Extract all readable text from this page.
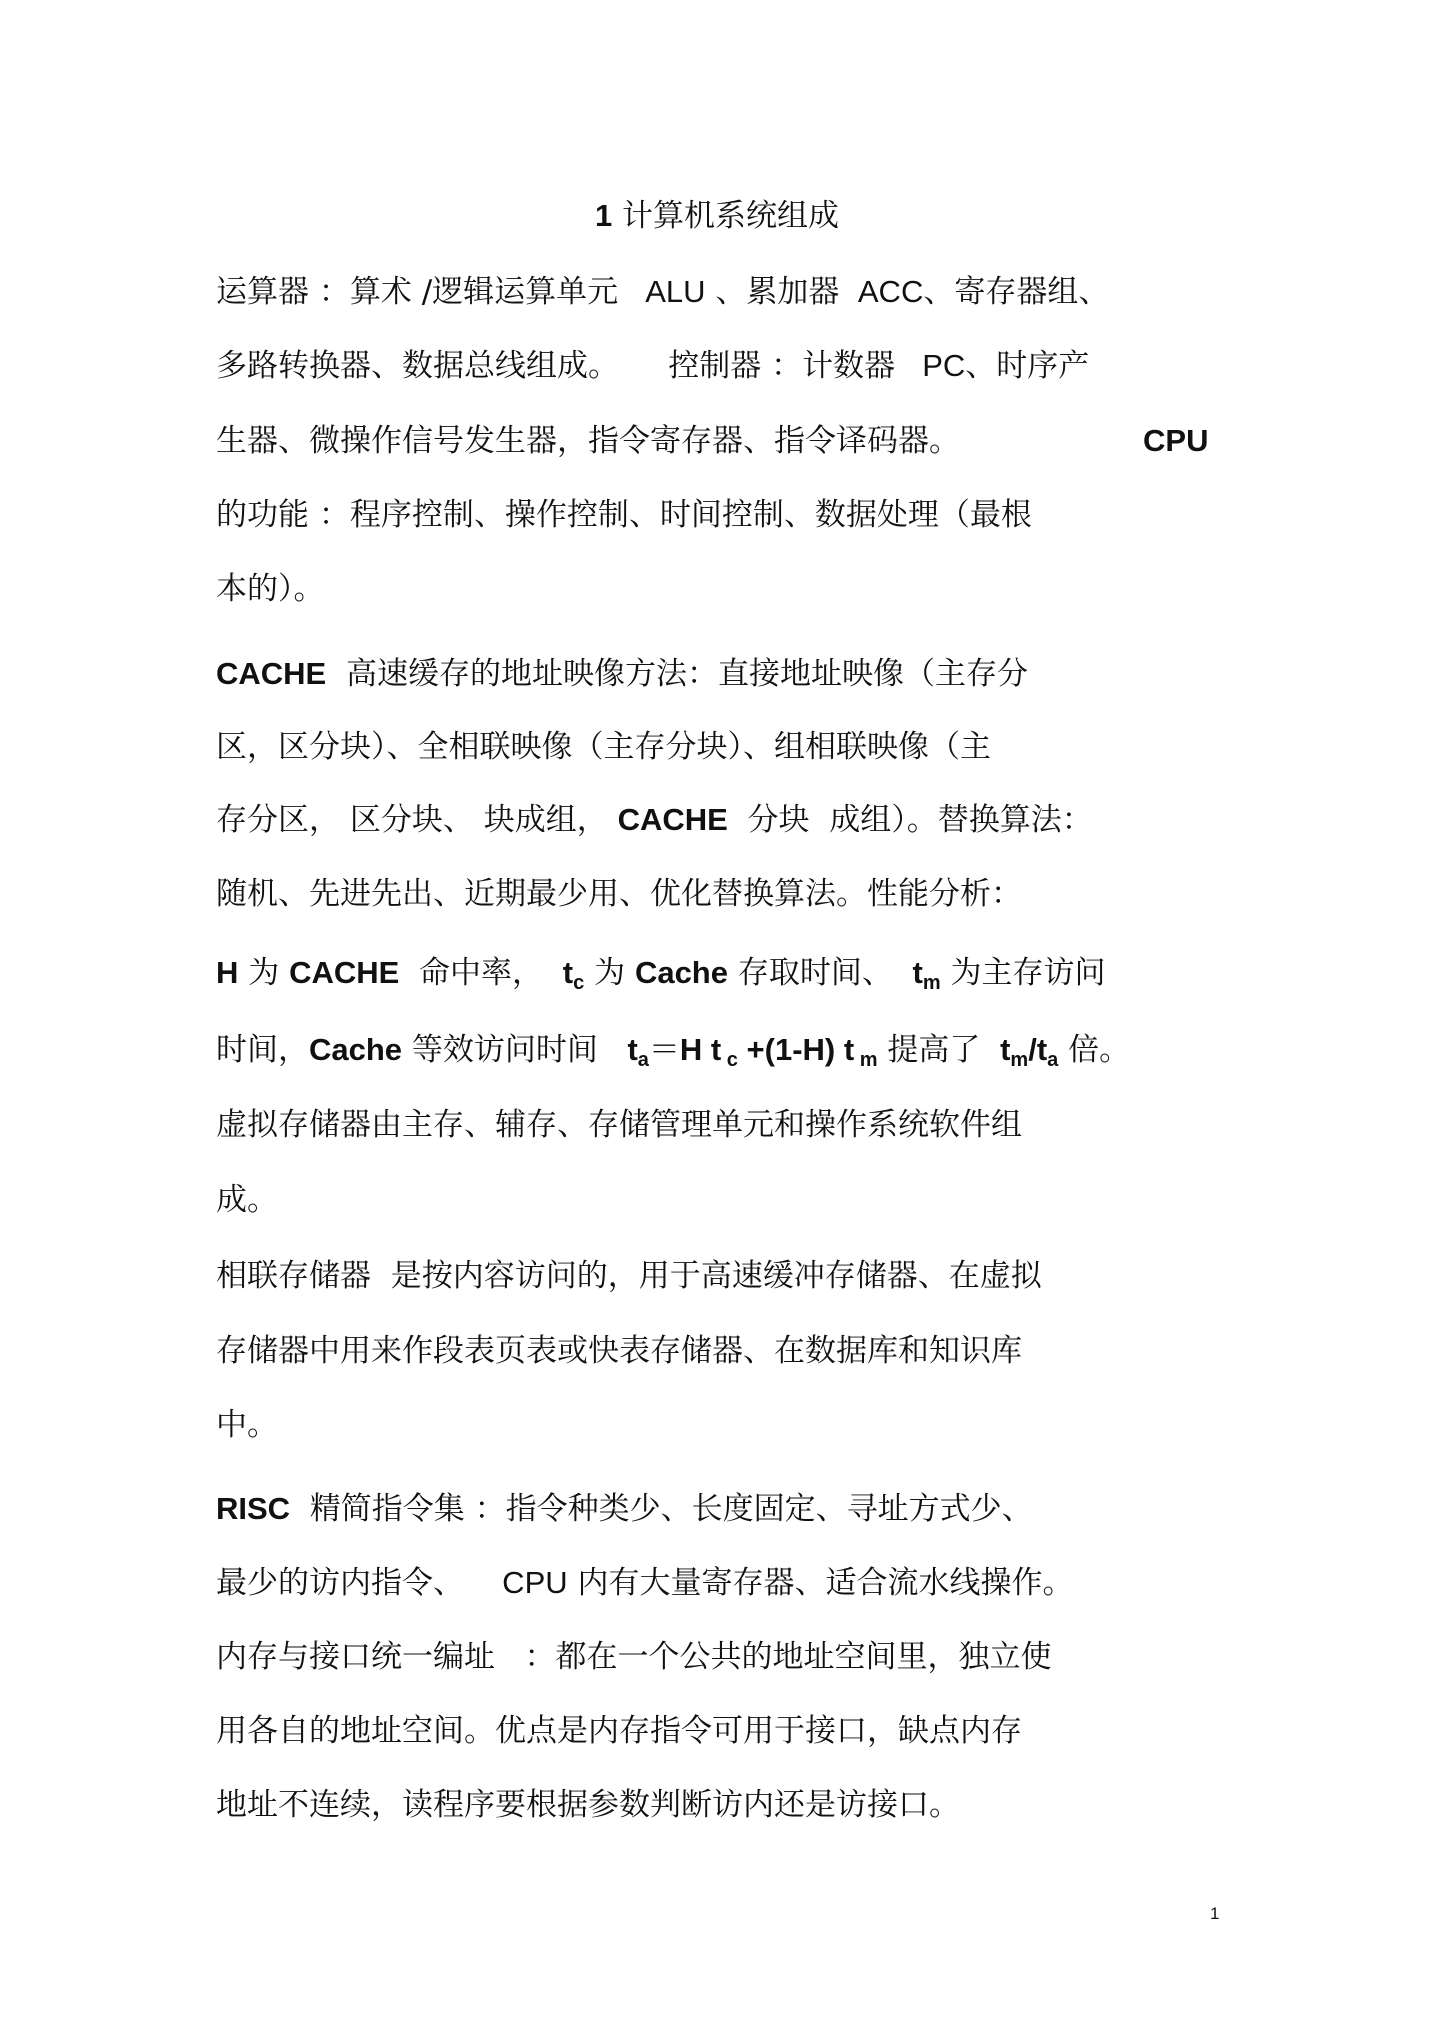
1 计算机系统组成
运算器 ：算术 /逻辑运算单元   ALU 、累加器  ACC、寄存器组、
多路转换器、数据总线组成。     控制器 ：计数器   PC、时序产
生器、微操作信号发生器，指令寄存器、指令译码器。	CPU
的功能 ：程序控制、操作控制、时间控制、数据处理（最根
本的）。
CACHE  高速缓存的地址映像方法：直接地址映像（主存分
区，区分块）、全相联映像（主存分块）、组相联映像（主
存分区， 区分块、 块成组， CACHE  分块  成组）。替换算法：
随机、先进先出、近期最少用、优化替换算法。性能分析：
H 为 CACHE  命中率，  $t_c$ 为 Cache 存取时间、  $t_m$ 为主存访问
时间，Cache 等效访问时间   $t_a=H$ t $_c$ +(1-H) t $_m$ 提高了  $t_m/t_a$ 倍。
虚拟存储器由主存、辅存、存储管理单元和操作系统软件组
成。
相联存储器  是按内容访问的，用于高速缓冲存储器、在虚拟
存储器中用来作段表页表或快表存储器、在数据库和知识库
中。
RISC  精简指令集 ：指令种类少、长度固定、寻址方式少、
最少的访内指令、    CPU 内有大量寄存器、适合流水线操作。
内存与接口统一编址   ：都在一个公共的地址空间里，独立使
用各自的地址空间。优点是内存指令可用于接口，缺点内存
地址不连续，读程序要根据参数判断访内还是访接口。
1
